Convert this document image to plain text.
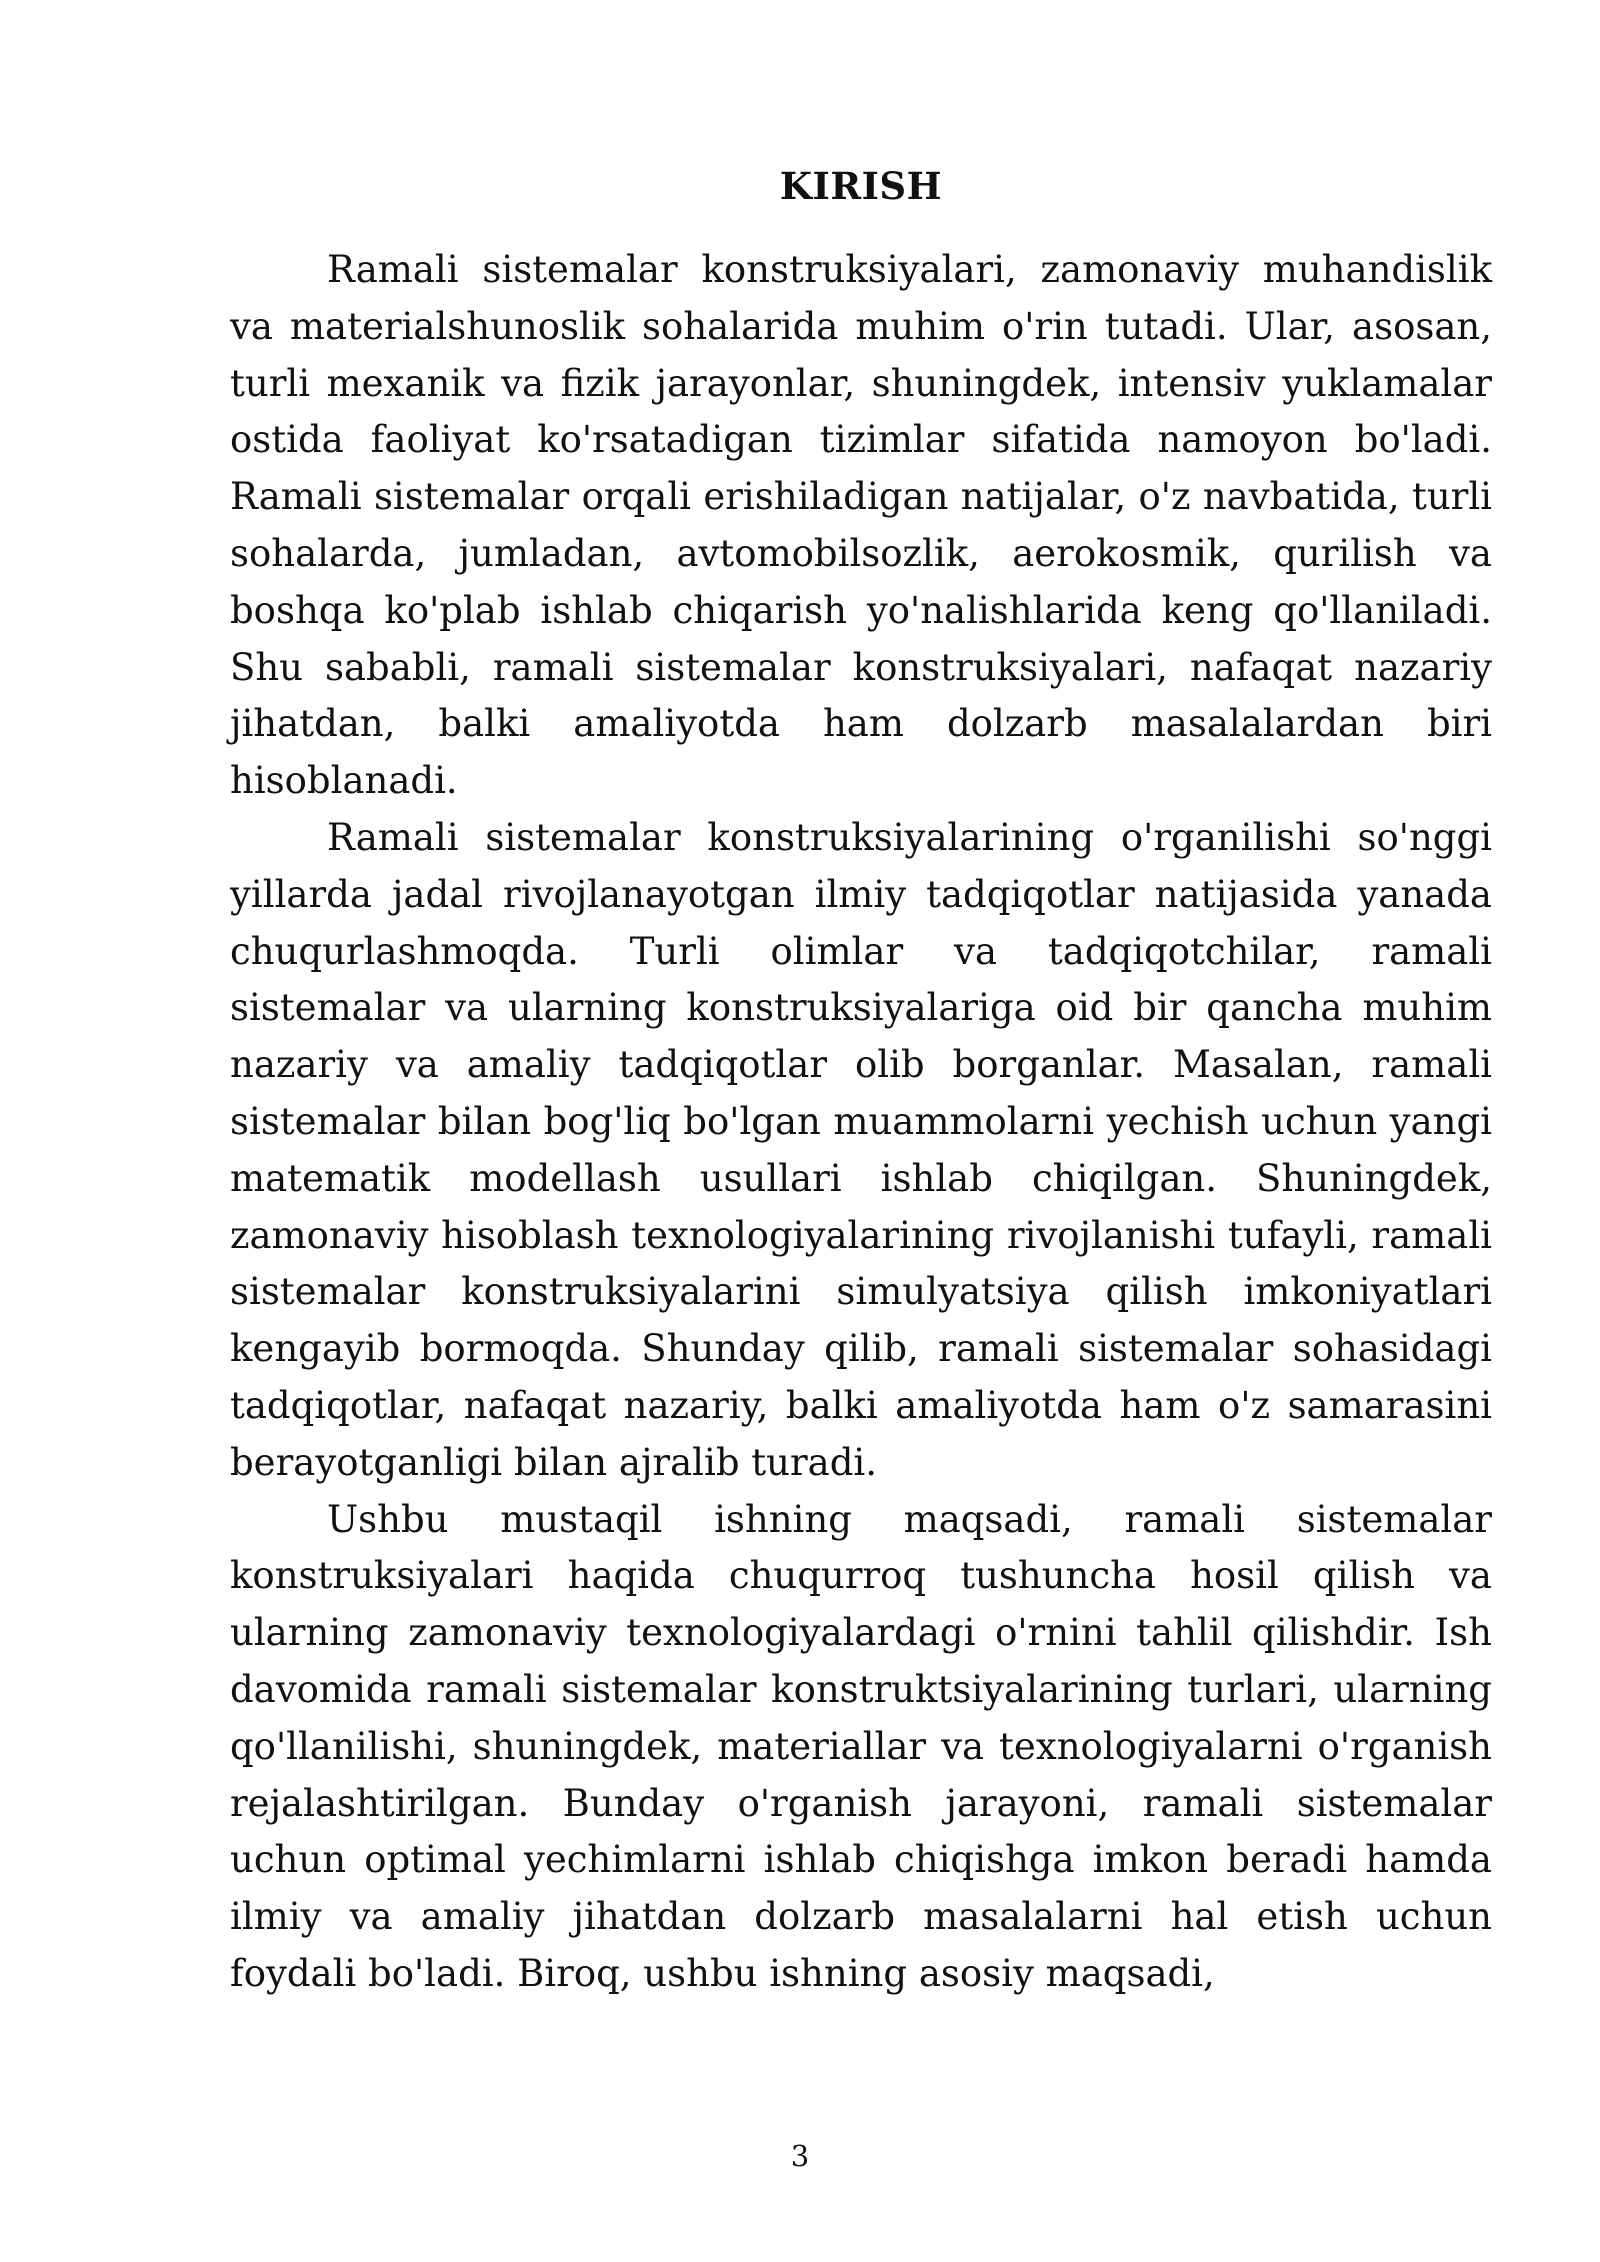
KIRISH

Ramali sistemalar konstruksiyalari, zamonaviy muhandislik va materialshunoslik sohalarida muhim o'rin tutadi. Ular, asosan, turli mexanik va fizik jarayonlar, shuningdek, intensiv yuklamalar ostida faoliyat ko'rsatadigan tizimlar sifatida namoyon bo'ladi. Ramali sistemalar orqali erishiladigan natijalar, o'z navbatida, turli sohalarda, jumladan, avtomobilsozlik, aerokosmik, qurilish va boshqa ko'plab ishlab chiqarish yo'nalishlarida keng qo'llaniladi. Shu sababli, ramali sistemalar konstruksiyalari, nafaqat nazariy jihatdan, balki amaliyotda ham dolzarb masalalardan biri hisoblanadi.

Ramali sistemalar konstruksiyalarining o'rganilishi so'nggi yillarda jadal rivojlanayotgan ilmiy tadqiqotlar natijasida yanada chuqurlashmoqda. Turli olimlar va tadqiqotchilar, ramali sistemalar va ularning konstruksiyalariga oid bir qancha muhim nazariy va amaliy tadqiqotlar olib borganlar. Masalan, ramali sistemalar bilan bog'liq bo'lgan muammolarni yechish uchun yangi matematik modellash usullari ishlab chiqilgan. Shuningdek, zamonaviy hisoblash texnologiyalarining rivojlanishi tufayli, ramali sistemalar konstruksiyalarini simulyatsiya qilish imkoniyatlari kengayib bormoqda. Shunday qilib, ramali sistemalar sohasidagi tadqiqotlar, nafaqat nazariy, balki amaliyotda ham o'z samarasini berayotganligi bilan ajralib turadi.

Ushbu mustaqil ishning maqsadi, ramali sistemalar konstruksiyalari haqida chuqurroq tushuncha hosil qilish va ularning zamonaviy texnologiyalardagi o'rnini tahlil qilishdir. Ish davomida ramali sistemalar konstruktsiyalarining turlari, ularning qo'llanilishi, shuningdek, materiallar va texnologiyalarni o'rganish rejalashtirilgan. Bunday o'rganish jarayoni, ramali sistemalar uchun optimal yechimlarni ishlab chiqishga imkon beradi hamda ilmiy va amaliy jihatdan dolzarb masalalarni hal etish uchun foydali bo'ladi. Biroq, ushbu ishning asosiy maqsadi,

3
